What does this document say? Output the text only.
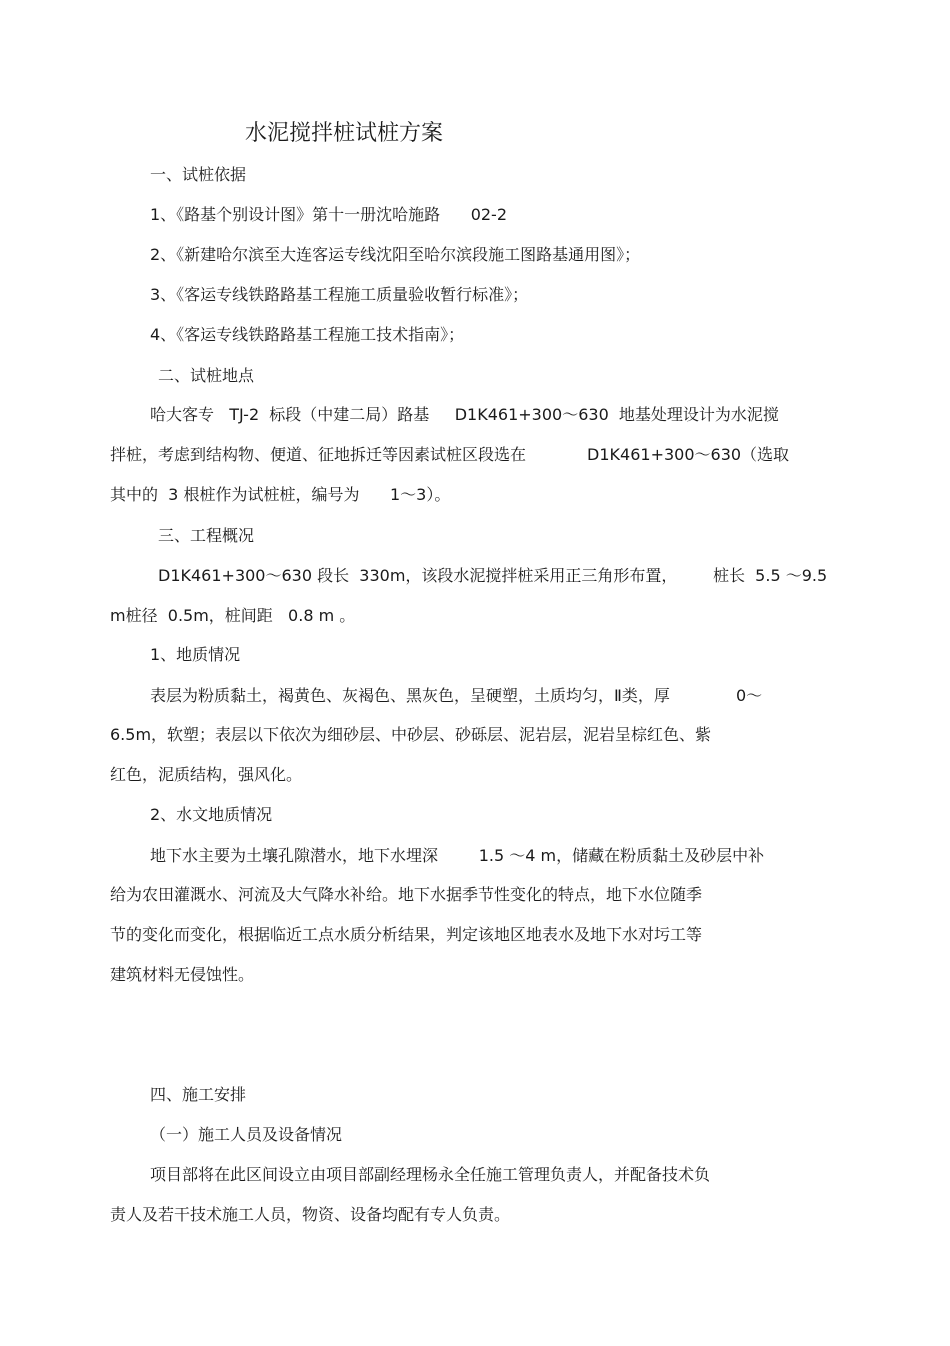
水泥搅拌桩试桩方案

一、试桩依据

1、《路基个别设计图》第十一册沈哈施路      02-2

2、《新建哈尔滨至大连客运专线沈阳至哈尔滨段施工图路基通用图》；

3、《客运专线铁路路基工程施工质量验收暂行标准》；

4、《客运专线铁路路基工程施工技术指南》；

二、试桩地点

哈大客专   TJ-2  标段（中建二局）路基     D1K461+300～630  地基处理设计为水泥搅

拌桩，考虑到结构物、便道、征地拆迁等因素试桩区段选在            D1K461+300～630（选取

其中的  3 根桩作为试桩桩，编号为      1～3）。

三、工程概况

D1K461+300～630 段长  330m，该段水泥搅拌桩采用正三角形布置，       桩长  5.5 ～9.5

m桩径  0.5m，桩间距   0.8 m 。

1、地质情况

表层为粉质黏土，褐黄色、灰褐色、黑灰色，呈硬塑，土质均匀，Ⅱ类，厚             0～

6.5m，软塑；表层以下依次为细砂层、中砂层、砂砾层、泥岩层，泥岩呈棕红色、紫

红色，泥质结构，强风化。

2、水文地质情况

地下水主要为土壤孔隙潜水，地下水埋深        1.5 ～4 m，储藏在粉质黏土及砂层中补

给为农田灌溉水、河流及大气降水补给。地下水据季节性变化的特点，地下水位随季

节的变化而变化，根据临近工点水质分析结果，判定该地区地表水及地下水对圬工等

建筑材料无侵蚀性。

四、施工安排

（一）施工人员及设备情况

项目部将在此区间设立由项目部副经理杨永全任施工管理负责人，并配备技术负

责人及若干技术施工人员，物资、设备均配有专人负责。
